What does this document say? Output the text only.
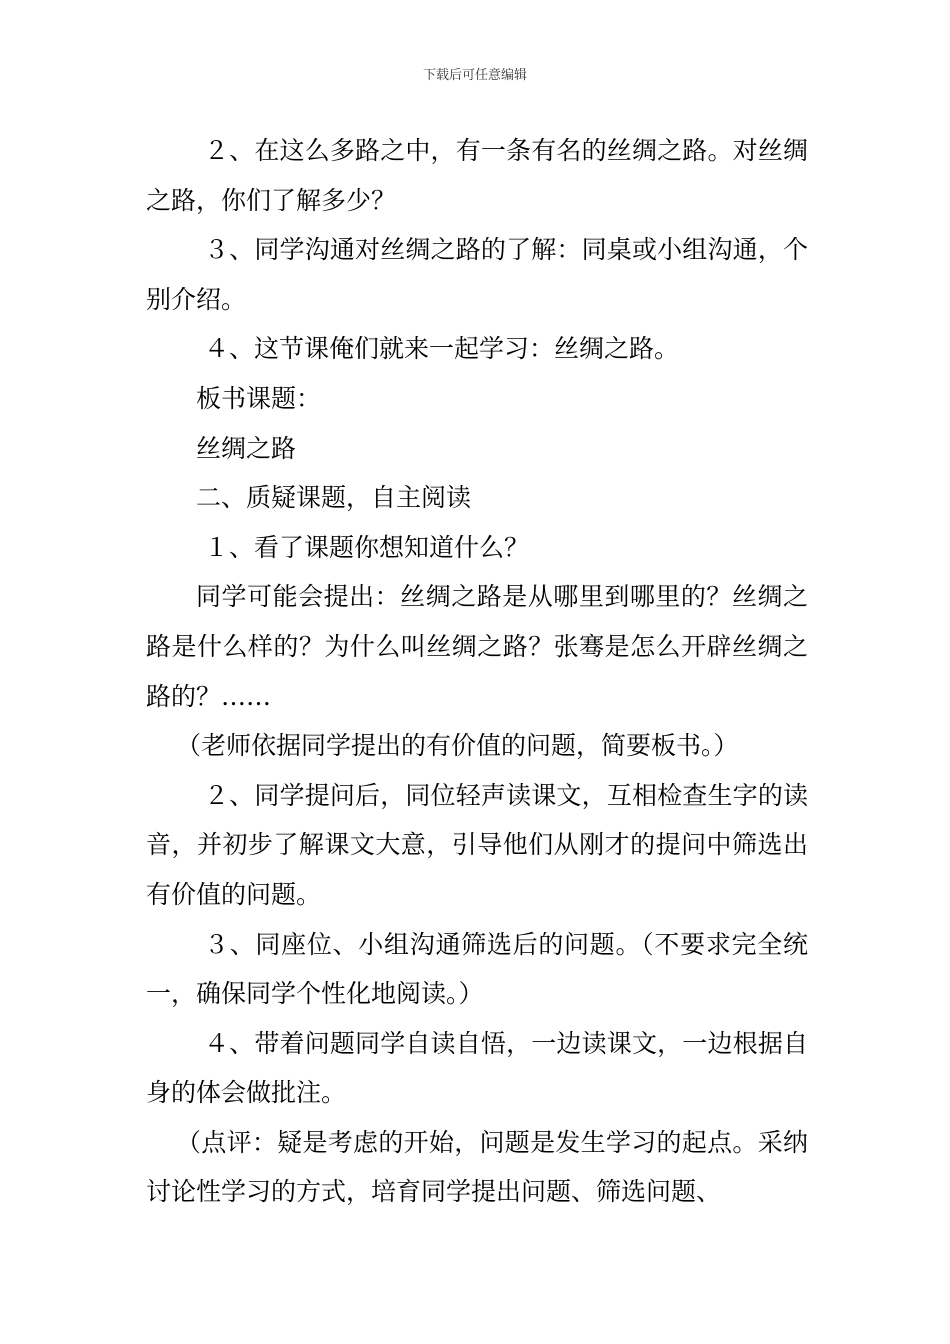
下载后可任意编辑

２、在这么多路之中，有一条有名的丝绸之路。对丝绸之路，你们了解多少？

３、同学沟通对丝绸之路的了解：同桌或小组沟通，个别介绍。

４、这节课俺们就来一起学习：丝绸之路。

板书课题：

丝绸之路

二、质疑课题，自主阅读

１、看了课题你想知道什么？

同学可能会提出：丝绸之路是从哪里到哪里的？丝绸之路是什么样的？为什么叫丝绸之路？张骞是怎么开辟丝绸之路的？……

（老师依据同学提出的有价值的问题，简要板书。）

２、同学提问后，同位轻声读课文，互相检查生字的读音，并初步了解课文大意，引导他们从刚才的提问中筛选出有价值的问题。

３、同座位、小组沟通筛选后的问题。（不要求完全统一，确保同学个性化地阅读。）

４、带着问题同学自读自悟，一边读课文，一边根据自身的体会做批注。

（点评：疑是考虑的开始，问题是发生学习的起点。采纳讨论性学习的方式，培育同学提出问题、筛选问题、
